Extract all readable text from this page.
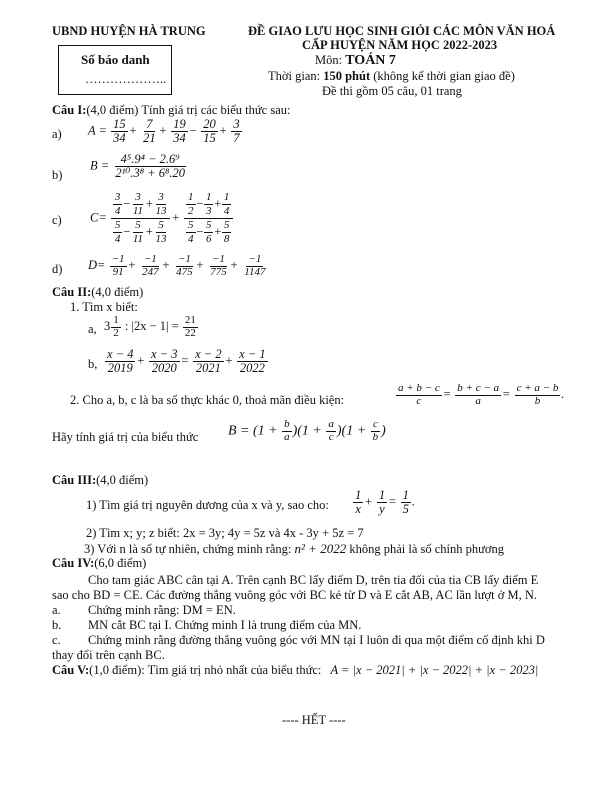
UBND HUYỆN HÀ TRUNG	ĐỀ GIAO LƯU HỌC SINH GIỎI CÁC MÔN VĂN HOÁ
CẤP HUYỆN NĂM HỌC 2022-2023
Môn: TOÁN 7
Thời gian: 150 phút (không kể thời gian giao đề)
Đề thi gồm 05 câu, 01 trang
Số báo danh
………………..
Câu I:(4,0 điểm) Tính giá trị các biểu thức sau:
a) $A = \frac{15}{34} + \frac{7}{21} + \frac{19}{34} - \frac{20}{15} + \frac{3}{7}$
b)
$B = \frac{\text{4⁵.9⁴ − 2.6⁹}}{\text{2¹⁰.3⁸ + 6⁸.20}}$
c) $C= \frac{\frac{3}{4} - \frac{3}{11} + \frac{3}{13}}{\frac{5}{4} - \frac{5}{11} + \frac{5}{13}} + \frac{\frac{1}{2} - \frac{1}{3} + \frac{1}{4}}{\frac{5}{4} - \frac{5}{6} + \frac{5}{8}}$
d) $D= \frac{-1}{91} + \frac{-1}{247} + \frac{-1}{475} + \frac{-1}{775} + \frac{-1}{1147}$
Câu II:(4,0 điểm)
1. Tìm x biết:
a, $3 \frac{1}{2}$ : $|2x - 1| = \frac{21}{22}$
b, $\frac{x - 4}{2019} + \frac{x - 3}{2020} = \frac{x - 2}{2021} + \frac{x - 1}{2022}$
2. Cho a, b, c là ba số thực khác 0, thoả mãn điều kiện:	$\frac{a + b - c}{c} = \frac{b + c - a}{a} = \frac{c + a - b}{b}$ .
Hãy tính giá trị của biểu thức $B = (1 + \frac{b}{a} )(1 + \frac{a}{c} )(1 + \frac{c}{b}$ )
Câu III:(4,0 điểm)
1) Tìm giá trị nguyên dương của x và y, sao cho: $\frac{1}{x} + \frac{1}{y} = \frac{1}{5}$ .
2) Tìm x; y; z biết: 2x = 3y; 4y = 5z và 4x - 3y + 5z = 7
3) Với n là số tự nhiên, chứng minh rằng: n² + 2022 không phải là số chính phương
Câu IV:(6,0 điểm)
Cho tam giác ABC cân tại A. Trên cạnh BC lấy điểm D, trên tia đối của tia CB lấy điểm E
sao cho BD = CE. Các đường thẳng vuông góc với BC kẻ từ D và E cắt AB, AC lần lượt ở M, N.
a. Chứng minh rằng: DM = EN.
b. MN cắt BC tại I. Chứng minh I là trung điểm của MN.
c. Chứng minh rằng đường thẳng vuông góc với MN tại I luôn đi qua một điểm cố định khi D
thay đổi trên cạnh BC.
Câu V:(1,0 điểm): Tìm giá trị nhỏ nhất của biểu thức: A = |x − 2021| + |x − 2022| + |x − 2023|
---- HẾT ----
